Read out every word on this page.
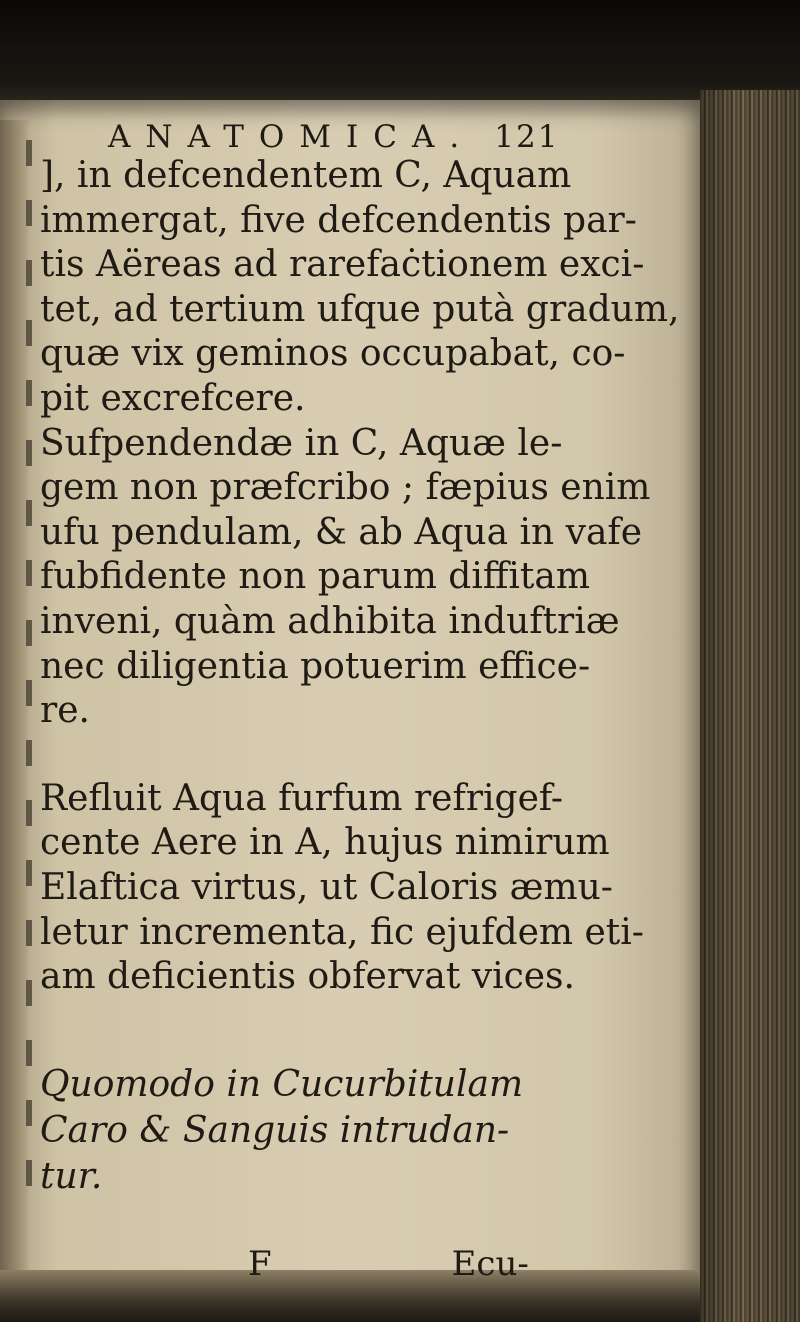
ANATOMICA. 121
], in defcendentem C, Aquam
immergat, five defcendentis par-
tis Aëreas ad rarefaċtionem exci-
tet, ad tertium ufque putà gradum,
quæ vix geminos occupabat, co-
pit excrefcere.
Sufpendendæ in C, Aquæ le-
gem non præfcribo ; fæpius enim
ufu pendulam, & ab Aqua in vafe
fubfidente non parum diffitam
inveni, quàm adhibita induftriæ
nec diligentia potuerim effice-
re.
Refluit Aqua furfum refrigef-
cente Aere in A, hujus nimirum
Elaftica virtus, ut Caloris æmu-
letur incrementa, fic ejufdem eti-
am deficientis obfervat vices.
Quomodo in Cucurbitulam
Caro & Sanguis intrudan-
tur.
F	Ecu-
